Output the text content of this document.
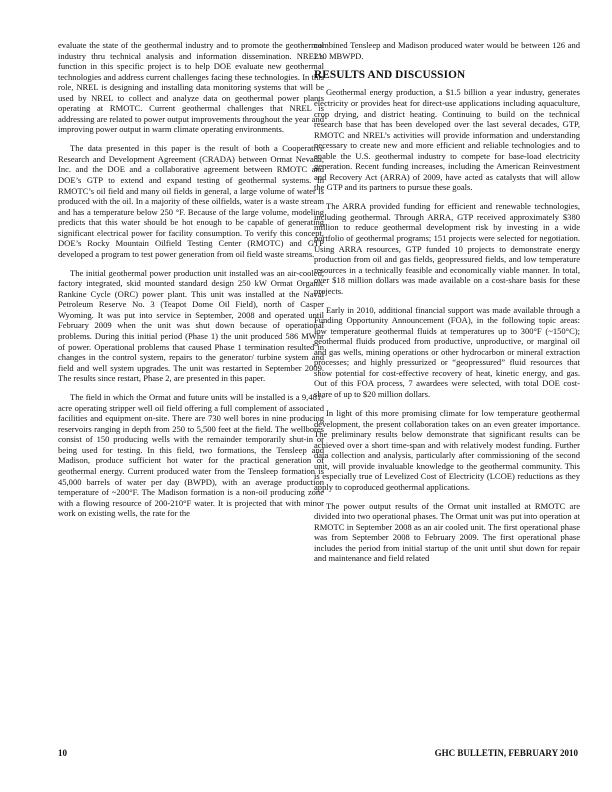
evaluate the state of the geothermal industry and to promote the geothermal industry thru technical analysis and information dissemination. NREL’s function in this specific project is to help DOE evaluate new geothermal technologies and address current challenges facing these technologies. In this role, NREL is designing and installing data monitoring systems that will be used by NREL to collect and analyze data on geothermal power plants operating at RMOTC. Current geothermal challenges that NREL is addressing are related to power output improvements throughout the year and improving power output in warm climate operating environments.

The data presented in this paper is the result of both a Cooperative Research and Development Agreement (CRADA) between Ormat Nevada, Inc. and the DOE and a collaborative agreement between RMOTC and DOE’s GTP to extend and expand testing of geothermal systems. In RMOTC’s oil field and many oil fields in general, a large volume of water is produced with the oil. In a majority of these oilfields, water is a waste stream and has a temperature below 250 °F. Because of the large volume, modeling predicts that this water should be hot enough to be capable of generating significant electrical power for facility consumption. To verify this concept, DOE’s Rocky Mountain Oilfield Testing Center (RMOTC) and GTP developed a program to test power generation from oil field waste streams.

The initial geothermal power production unit installed was an air-cooled, factory integrated, skid mounted standard design 250 kW Ormat Organic Rankine Cycle (ORC) power plant. This unit was installed at the Naval Petroleum Reserve No. 3 (Teapot Dome Oil Field), north of Casper Wyoming. It was put into service in September, 2008 and operated until February 2009 when the unit was shut down because of operational problems. During this initial period (Phase 1) the unit produced 586 MWhr of power. Operational problems that caused Phase 1 termination resulted in changes in the control system, repairs to the generator/ turbine system and field and well system upgrades. The unit was restarted in September 2009. The results since restart, Phase 2, are presented in this paper.

The field in which the Ormat and future units will be installed is a 9,481-acre operating stripper well oil field offering a full complement of associated facilities and equipment on-site. There are 730 well bores in nine producing reservoirs ranging in depth from 250 to 5,500 feet at the field. The wellbores consist of 150 producing wells with the remainder temporarily shut-in or being used for testing. In this field, two formations, the Tensleep and Madison, produce sufficient hot water for the practical generation of geothermal energy. Current produced water from the Tensleep formation is 45,000 barrels of water per day (BWPD), with an average production temperature of ~200°F. The Madison formation is a non-oil producing zone with a flowing resource of 200-210°F water. It is projected that with minor work on existing wells, the rate for the

combined Tensleep and Madison produced water would be between 126 and 210 MBWPD.

RESULTS AND DISCUSSION

Geothermal energy production, a $1.5 billion a year industry, generates electricity or provides heat for direct-use applications including aquaculture, crop drying, and district heating. Continuing to build on the technical research base that has been developed over the last several decades, GTP, RMOTC and NREL’s activities will provide information and understanding necessary to create new and more efficient and reliable technologies and to enable the U.S. geothermal industry to compete for base-load electricity generation. Recent funding increases, including the American Reinvestment and Recovery Act (ARRA) of 2009, have acted as catalysts that will allow the GTP and its partners to pursue these goals.

The ARRA provided funding for efficient and renewable technologies, including geothermal. Through ARRA, GTP received approximately $380 million to reduce geothermal development risk by investing in a wide portfolio of geothermal programs; 151 projects were selected for negotiation. Using ARRA resources, GTP funded 10 projects to demonstrate energy production from oil and gas fields, geopressured fields, and low temperature resources in a technically feasible and economically viable manner. In total, over $18 million dollars was made available on a cost-share basis for these projects.

Early in 2010, additional financial support was made available through a Funding Opportunity Announcement (FOA), in the following topic areas: low temperature geothermal fluids at temperatures up to 300°F (~150°C); geothermal fluids produced from productive, unproductive, or marginal oil and gas wells, mining operations or other hydrocarbon or mineral extraction processes; and highly pressurized or “geopressured” fluid resources that show potential for cost-effective recovery of heat, kinetic energy, and gas. Out of this FOA process, 7 awardees were selected, with total DOE cost-share of up to $20 million dollars.

In light of this more promising climate for low temperature geothermal development, the present collaboration takes on an even greater importance. The preliminary results below demonstrate that significant results can be achieved over a short time-span and with relatively modest funding. Further data collection and analysis, particularly after commissioning of the second unit, will provide invaluable knowledge to the geothermal community. This is especially true of Levelized Cost of Electricity (LCOE) reductions as they apply to coproduced geothermal applications.

The power output results of the Ormat unit installed at RMOTC are divided into two operational phases. The Ormat unit was put into operation at RMOTC in September 2008 as an air cooled unit. The first operational phase was from September 2008 to February 2009. The first operational phase includes the period from initial startup of the unit until shut down for repair and maintenance and field related

10	GHC BULLETIN, FEBRUARY 2010
